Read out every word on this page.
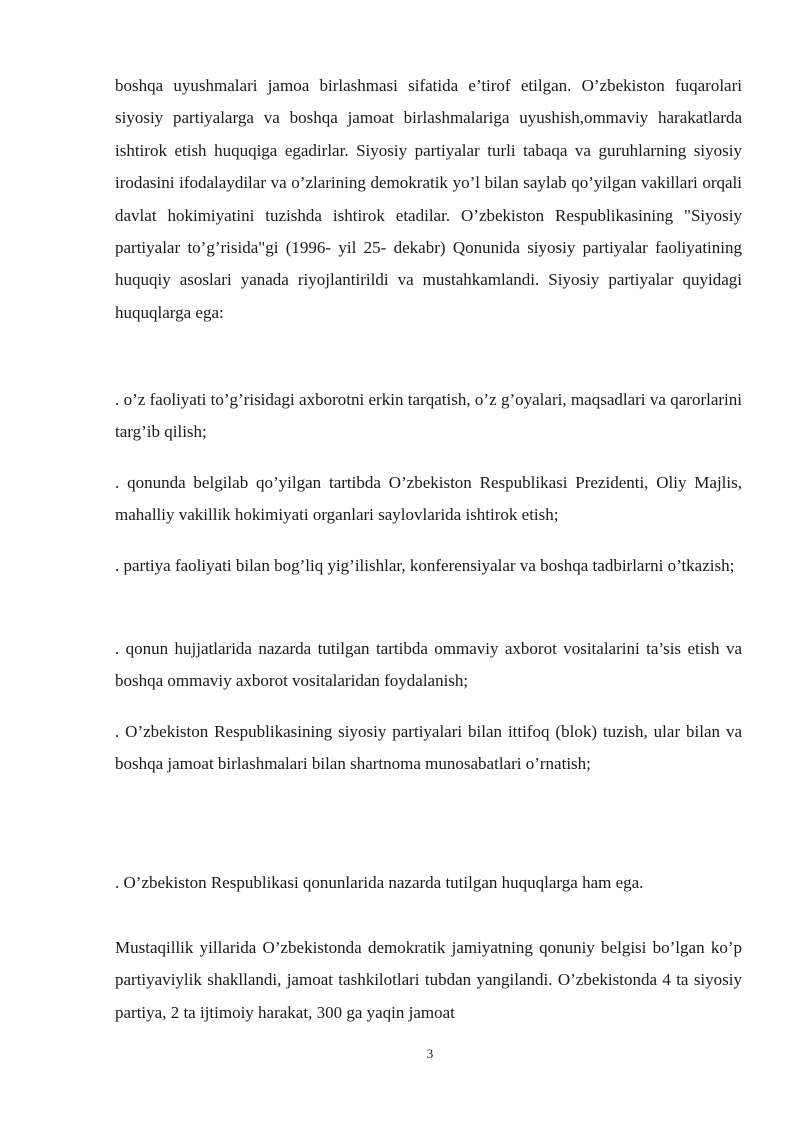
boshqa uyushmalari jamoa birlashmasi sifatida e’tirof etilgan. O’zbekiston fuqarolari siyosiy partiyalarga va boshqa jamoat birlashmalariga uyushish,ommaviy harakatlarda ishtirok etish huquqiga egadirlar. Siyosiy partiyalar turli tabaqa va guruhlarning siyosiy irodasini ifodalaydilar va o’zlarining demokratik yo’l bilan saylab qo’yilgan vakillari orqali davlat hokimiyatini tuzishda ishtirok etadilar. O’zbekiston Respublikasining "Siyosiy partiyalar to’g’risida"gi (1996- yil 25- dekabr) Qonunida siyosiy partiyalar faoliyatining huquqiy asoslari yanada riyojlantirildi va mustahkamlandi. Siyosiy partiyalar quyidagi huquqlarga ega:

. o’z faoliyati to’g’risidagi axborotni erkin tarqatish, o’z g’oyalari, maqsadlari va qarorlarini targ’ib qilish;

. qonunda belgilab qo’yilgan tartibda O’zbekiston Respublikasi Prezidenti, Oliy Majlis, mahalliy vakillik hokimiyati organlari saylovlarida ishtirok etish;

. partiya faoliyati bilan bog’liq yig’ilishlar, konferensiyalar va boshqa tadbirlarni o’tkazish;

. qonun hujjatlarida nazarda tutilgan tartibda ommaviy axborot vositalarini ta’sis etish va boshqa ommaviy axborot vositalaridan foydalanish;

. O’zbekiston Respublikasining siyosiy partiyalari bilan ittifoq (blok) tuzish, ular bilan va boshqa jamoat birlashmalari bilan shartnoma munosabatlari o’rnatish;

. O’zbekiston Respublikasi qonunlarida nazarda tutilgan huquqlarga ham ega.

Mustaqillik yillarida O’zbekistonda demokratik jamiyatning qonuniy belgisi bo’lgan ko’p partiyaviylik shakllandi, jamoat tashkilotlari tubdan yangilandi. O’zbekistonda 4 ta siyosiy partiya, 2 ta ijtimoiy harakat, 300 ga yaqin jamoat

3
